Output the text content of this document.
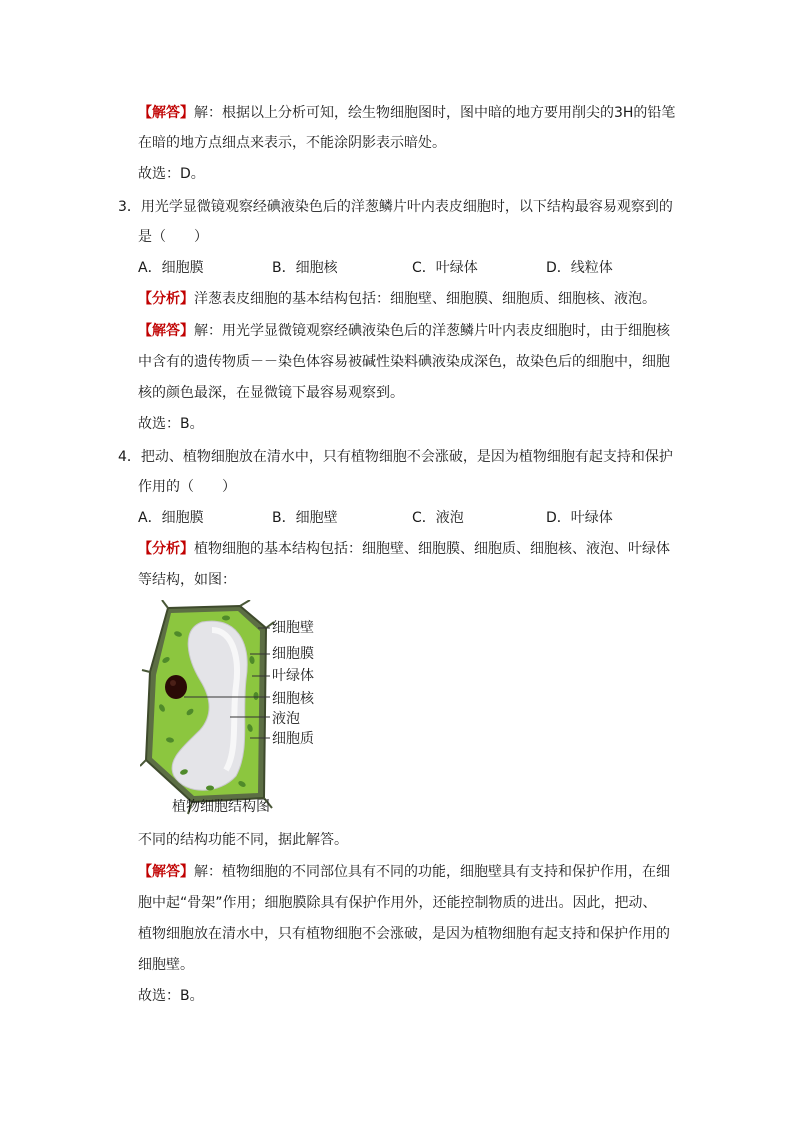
【解答】解：根据以上分析可知，绘生物细胞图时，图中暗的地方要用削尖的3H的铅笔
在暗的地方点细点来表示，不能涂阴影表示暗处。
故选：D。
3．用光学显微镜观察经碘液染色后的洋葱鳞片叶内表皮细胞时，以下结构最容易观察到的
是（　　）
A．细胞膜	B．细胞核	C．叶绿体	D．线粒体
【分析】洋葱表皮细胞的基本结构包括：细胞壁、细胞膜、细胞质、细胞核、液泡。
【解答】解：用光学显微镜观察经碘液染色后的洋葱鳞片叶内表皮细胞时，由于细胞核
中含有的遗传物质－－染色体容易被碱性染料碘液染成深色，故染色后的细胞中，细胞
核的颜色最深，在显微镜下最容易观察到。
故选：B。
4．把动、植物细胞放在清水中，只有植物细胞不会涨破，是因为植物细胞有起支持和保护
作用的（　　）
A．细胞膜	B．细胞壁	C．液泡	D．叶绿体
【分析】植物细胞的基本结构包括：细胞壁、细胞膜、细胞质、细胞核、液泡、叶绿体
等结构，如图：
细胞壁
细胞膜
叶绿体
细胞核
液泡
细胞质
植物细胞结构图
不同的结构功能不同，据此解答。
【解答】解：植物细胞的不同部位具有不同的功能，细胞壁具有支持和保护作用，在细
胞中起“骨架”作用；细胞膜除具有保护作用外，还能控制物质的进出。因此，把动、
植物细胞放在清水中，只有植物细胞不会涨破，是因为植物细胞有起支持和保护作用的
细胞壁。
故选：B。
